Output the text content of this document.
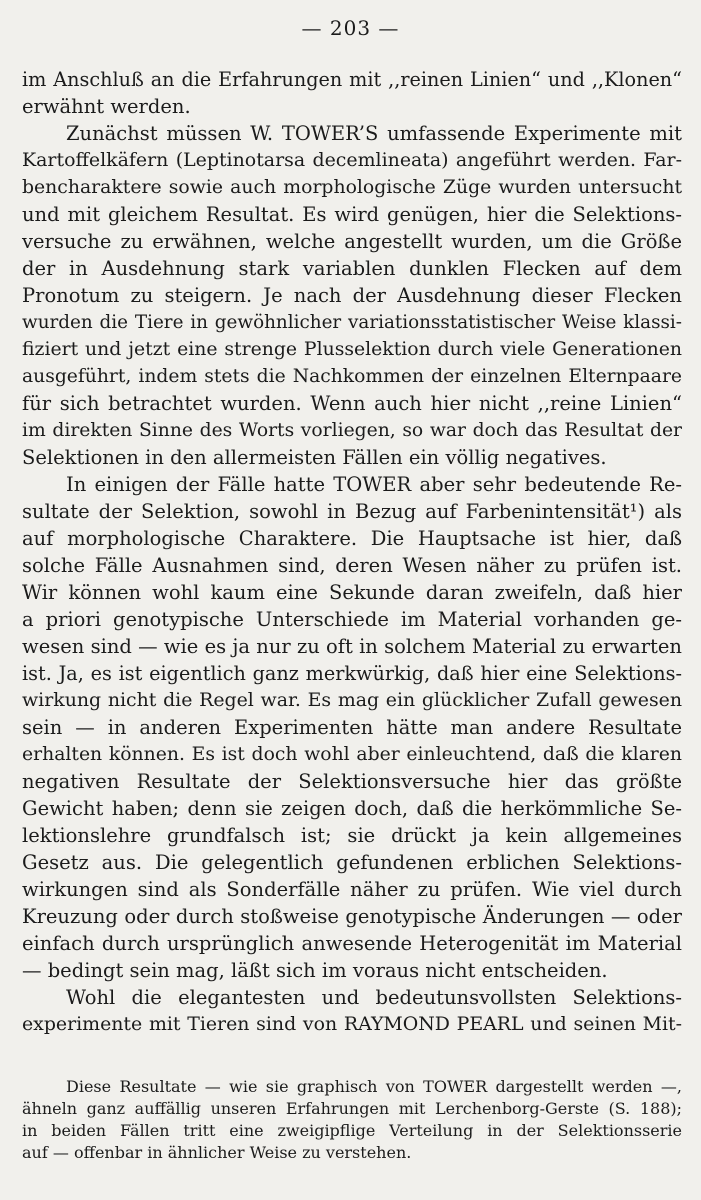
— 203 —
im Anschluß an die Erfahrungen mit ,,reinen Linien“ und ,,Klonen“
erwähnt werden.
Zunächst müssen W. TOWER’S umfassende Experimente mit
Kartoffelkäfern (Leptinotarsa decemlineata) angeführt werden. Far-
bencharaktere sowie auch morphologische Züge wurden untersucht
und mit gleichem Resultat. Es wird genügen, hier die Selektions-
versuche zu erwähnen, welche angestellt wurden, um die Größe
der in Ausdehnung stark variablen dunklen Flecken auf dem
Pronotum zu steigern. Je nach der Ausdehnung dieser Flecken
wurden die Tiere in gewöhnlicher variationsstatistischer Weise klassi-
fiziert und jetzt eine strenge Plusselektion durch viele Generationen
ausgeführt, indem stets die Nachkommen der einzelnen Elternpaare
für sich betrachtet wurden. Wenn auch hier nicht ,,reine Linien“
im direkten Sinne des Worts vorliegen, so war doch das Resultat der
Selektionen in den allermeisten Fällen ein völlig negatives.
In einigen der Fälle hatte TOWER aber sehr bedeutende Re-
sultate der Selektion, sowohl in Bezug auf Farbenintensität¹) als
auf morphologische Charaktere. Die Hauptsache ist hier, daß
solche Fälle Ausnahmen sind, deren Wesen näher zu prüfen ist.
Wir können wohl kaum eine Sekunde daran zweifeln, daß hier
a priori genotypische Unterschiede im Material vorhanden ge-
wesen sind — wie es ja nur zu oft in solchem Material zu erwarten
ist. Ja, es ist eigentlich ganz merkwürkig, daß hier eine Selektions-
wirkung nicht die Regel war. Es mag ein glücklicher Zufall gewesen
sein — in anderen Experimenten hätte man andere Resultate
erhalten können. Es ist doch wohl aber einleuchtend, daß die klaren
negativen Resultate der Selektionsversuche hier das größte
Gewicht haben; denn sie zeigen doch, daß die herkömmliche Se-
lektionslehre grundfalsch ist; sie drückt ja kein allgemeines
Gesetz aus. Die gelegentlich gefundenen erblichen Selektions-
wirkungen sind als Sonderfälle näher zu prüfen. Wie viel durch
Kreuzung oder durch stoßweise genotypische Änderungen — oder
einfach durch ursprünglich anwesende Heterogenität im Material
— bedingt sein mag, läßt sich im voraus nicht entscheiden.
Wohl die elegantesten und bedeutunsvollsten Selektions-
experimente mit Tieren sind von RAYMOND PEARL und seinen Mit-
Diese Resultate — wie sie graphisch von TOWER dargestellt werden —,
ähneln ganz auffällig unseren Erfahrungen mit Lerchenborg-Gerste (S. 188);
in beiden Fällen tritt eine zweigipflige Verteilung in der Selektionsserie
auf — offenbar in ähnlicher Weise zu verstehen.
